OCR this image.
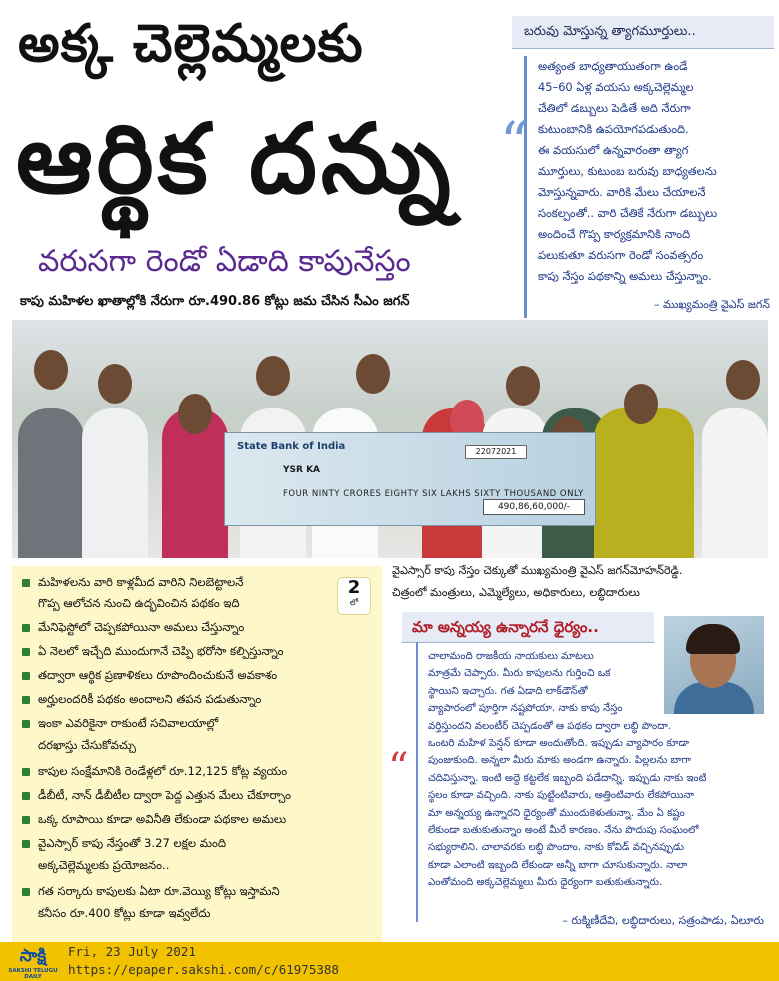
అక్క చెల్లెమ్మలకు
ఆర్థిక దన్ను
వరుసగా రెండో ఏడాది కాపునేస్తం
కాపు మహిళల ఖాతాల్లోకి నేరుగా రూ.490.86 కోట్లు జమ చేసిన సీఎం జగన్
బరువు మోస్తున్న త్యాగమూర్తులు..
“
అత్యంత బాధ్యతాయుతంగా ఉండే
45–60 ఏళ్ల వయసు అక్కచెల్లెమ్మల
చేతిలో డబ్బులు పెడితే అది నేరుగా
కుటుంబానికి ఉపయోగపడుతుంది.
ఈ వయసులో ఉన్నవారంతా త్యాగ
మూర్తులు, కుటుంబ బరువు బాధ్యతలను
మోస్తున్నవారు. వారికి మేలు చేయాలనే
సంకల్పంతో.. వారి చేతికే నేరుగా డబ్బులు
అందించే గొప్ప కార్యక్రమానికి నాంది
పలుకుతూ వరుసగా రెండో సంవత్సరం
కాపు నేస్తం పథకాన్ని అమలు చేస్తున్నాం.
– ముఖ్యమంత్రి వైఎస్‌ జగన్‌
State Bank of India	22072021
YSR KA
FOUR NINTY CRORES EIGHTY SIX LAKHS SIXTY THOUSAND ONLY
490,86,60,000/-
వైఎస్సార్‌ కాపు నేస్తం చెక్కుతో ముఖ్యమంత్రి వైఎస్‌ జగన్‌మోహన్‌రెడ్డి.
చిత్రంలో మంత్రులు, ఎమ్మెల్యేలు, అధికారులు, లబ్ధిదారులు
2
లో
మహిళలను వారి కాళ్లమీద వారిని నిలబెట్టాలనే
గొప్ప ఆలోచన నుంచి ఉద్భవించిన పథకం ఇది
మేనిఫెస్టోలో చెప్పకపోయినా అమలు చేస్తున్నాం
ఏ నెలలో ఇచ్చేది ముందుగానే చెప్పి భరోసా కల్పిస్తున్నాం
తద్వారా ఆర్థిక ప్రణాళికలు రూపొందించుకునే అవకాశం
అర్హులందరికీ పథకం అందాలని తపన పడుతున్నాం
ఇంకా ఎవరికైనా రాకుంటే సచివాలయాల్లో
దరఖాస్తు చేసుకోవచ్చు
కాపుల సంక్షేమానికి రెండేళ్లలో రూ.12,125 కోట్ల వ్యయం
డీబీటీ, నాన్‌ డీబీటీల ద్వారా పెద్ద ఎత్తున మేలు చేకూర్చాం
ఒక్క రూపాయి కూడా అవినీతి లేకుండా పథకాల అమలు
వైఎస్సార్‌ కాపు నేస్తంతో 3.27 లక్షల మంది
అక్కచెల్లెమ్మలకు ప్రయోజనం..
గత సర్కారు కాపులకు ఏటా రూ.వెయ్యి కోట్లు ఇస్తామని
కనీసం రూ.400 కోట్లు కూడా ఇవ్వలేదు
మా అన్నయ్య ఉన్నారనే ధైర్యం..
“
చాలామంది రాజకీయ నాయకులు మాటలు
మాత్రమే చెప్పారు. మీరు కాపులను గుర్తించి ఒక
స్థాయిని ఇచ్చారు. గత ఏడాది లాక్‌డౌన్‌తో
వ్యాపారంలో పూర్తిగా నష్టపోయా. నాకు కాపు నేస్తం
వర్తిస్తుందని వలంటీర్‌ చెప్పడంతో ఆ పథకం ద్వారా లబ్ధి పొందా.
ఒంటరి మహిళ పెన్షన్‌ కూడా అందుతోంది. ఇప్పుడు వ్యాపారం కూడా
పుంజుకుంది. అన్నలా మీరు మాకు అండగా ఉన్నారు. పిల్లలను బాగా
చదివిస్తున్నా. ఇంటి అద్దె కట్టలేక ఇబ్బంది పడేదాన్ని. ఇప్పుడు నాకు ఇంటి
స్థలం కూడా వచ్చింది. నాకు పుట్టింటివారు, అత్తింటివారు లేకపోయినా
మా అన్నయ్య ఉన్నారని ధైర్యంతో ముందుకెళుతున్నా. మేం ఏ కష్టం
లేకుండా బతుకుతున్నాం అంటే మీరే కారణం. నేను పొదుపు సంఘంలో
సభ్యురాలిని. చాలావరకు లబ్ధి పొందాం. నాకు కోవిడ్‌ వచ్చినప్పుడు
కూడా ఎలాంటి ఇబ్బంది లేకుండా అన్నీ బాగా చూసుకున్నారు. నాలా
ఎంతోమంది అక్కచెల్లెమ్మలు మీరు ధైర్యంగా బతుకుతున్నారు.
– రుక్మిణీదేవి, లబ్ధిదారులు, సత్రంపాడు, ఏలూరు
సాక్షి
SAKSHI TELUGU DAILY
Fri, 23 July 2021
https://epaper.sakshi.com/c/61975388
